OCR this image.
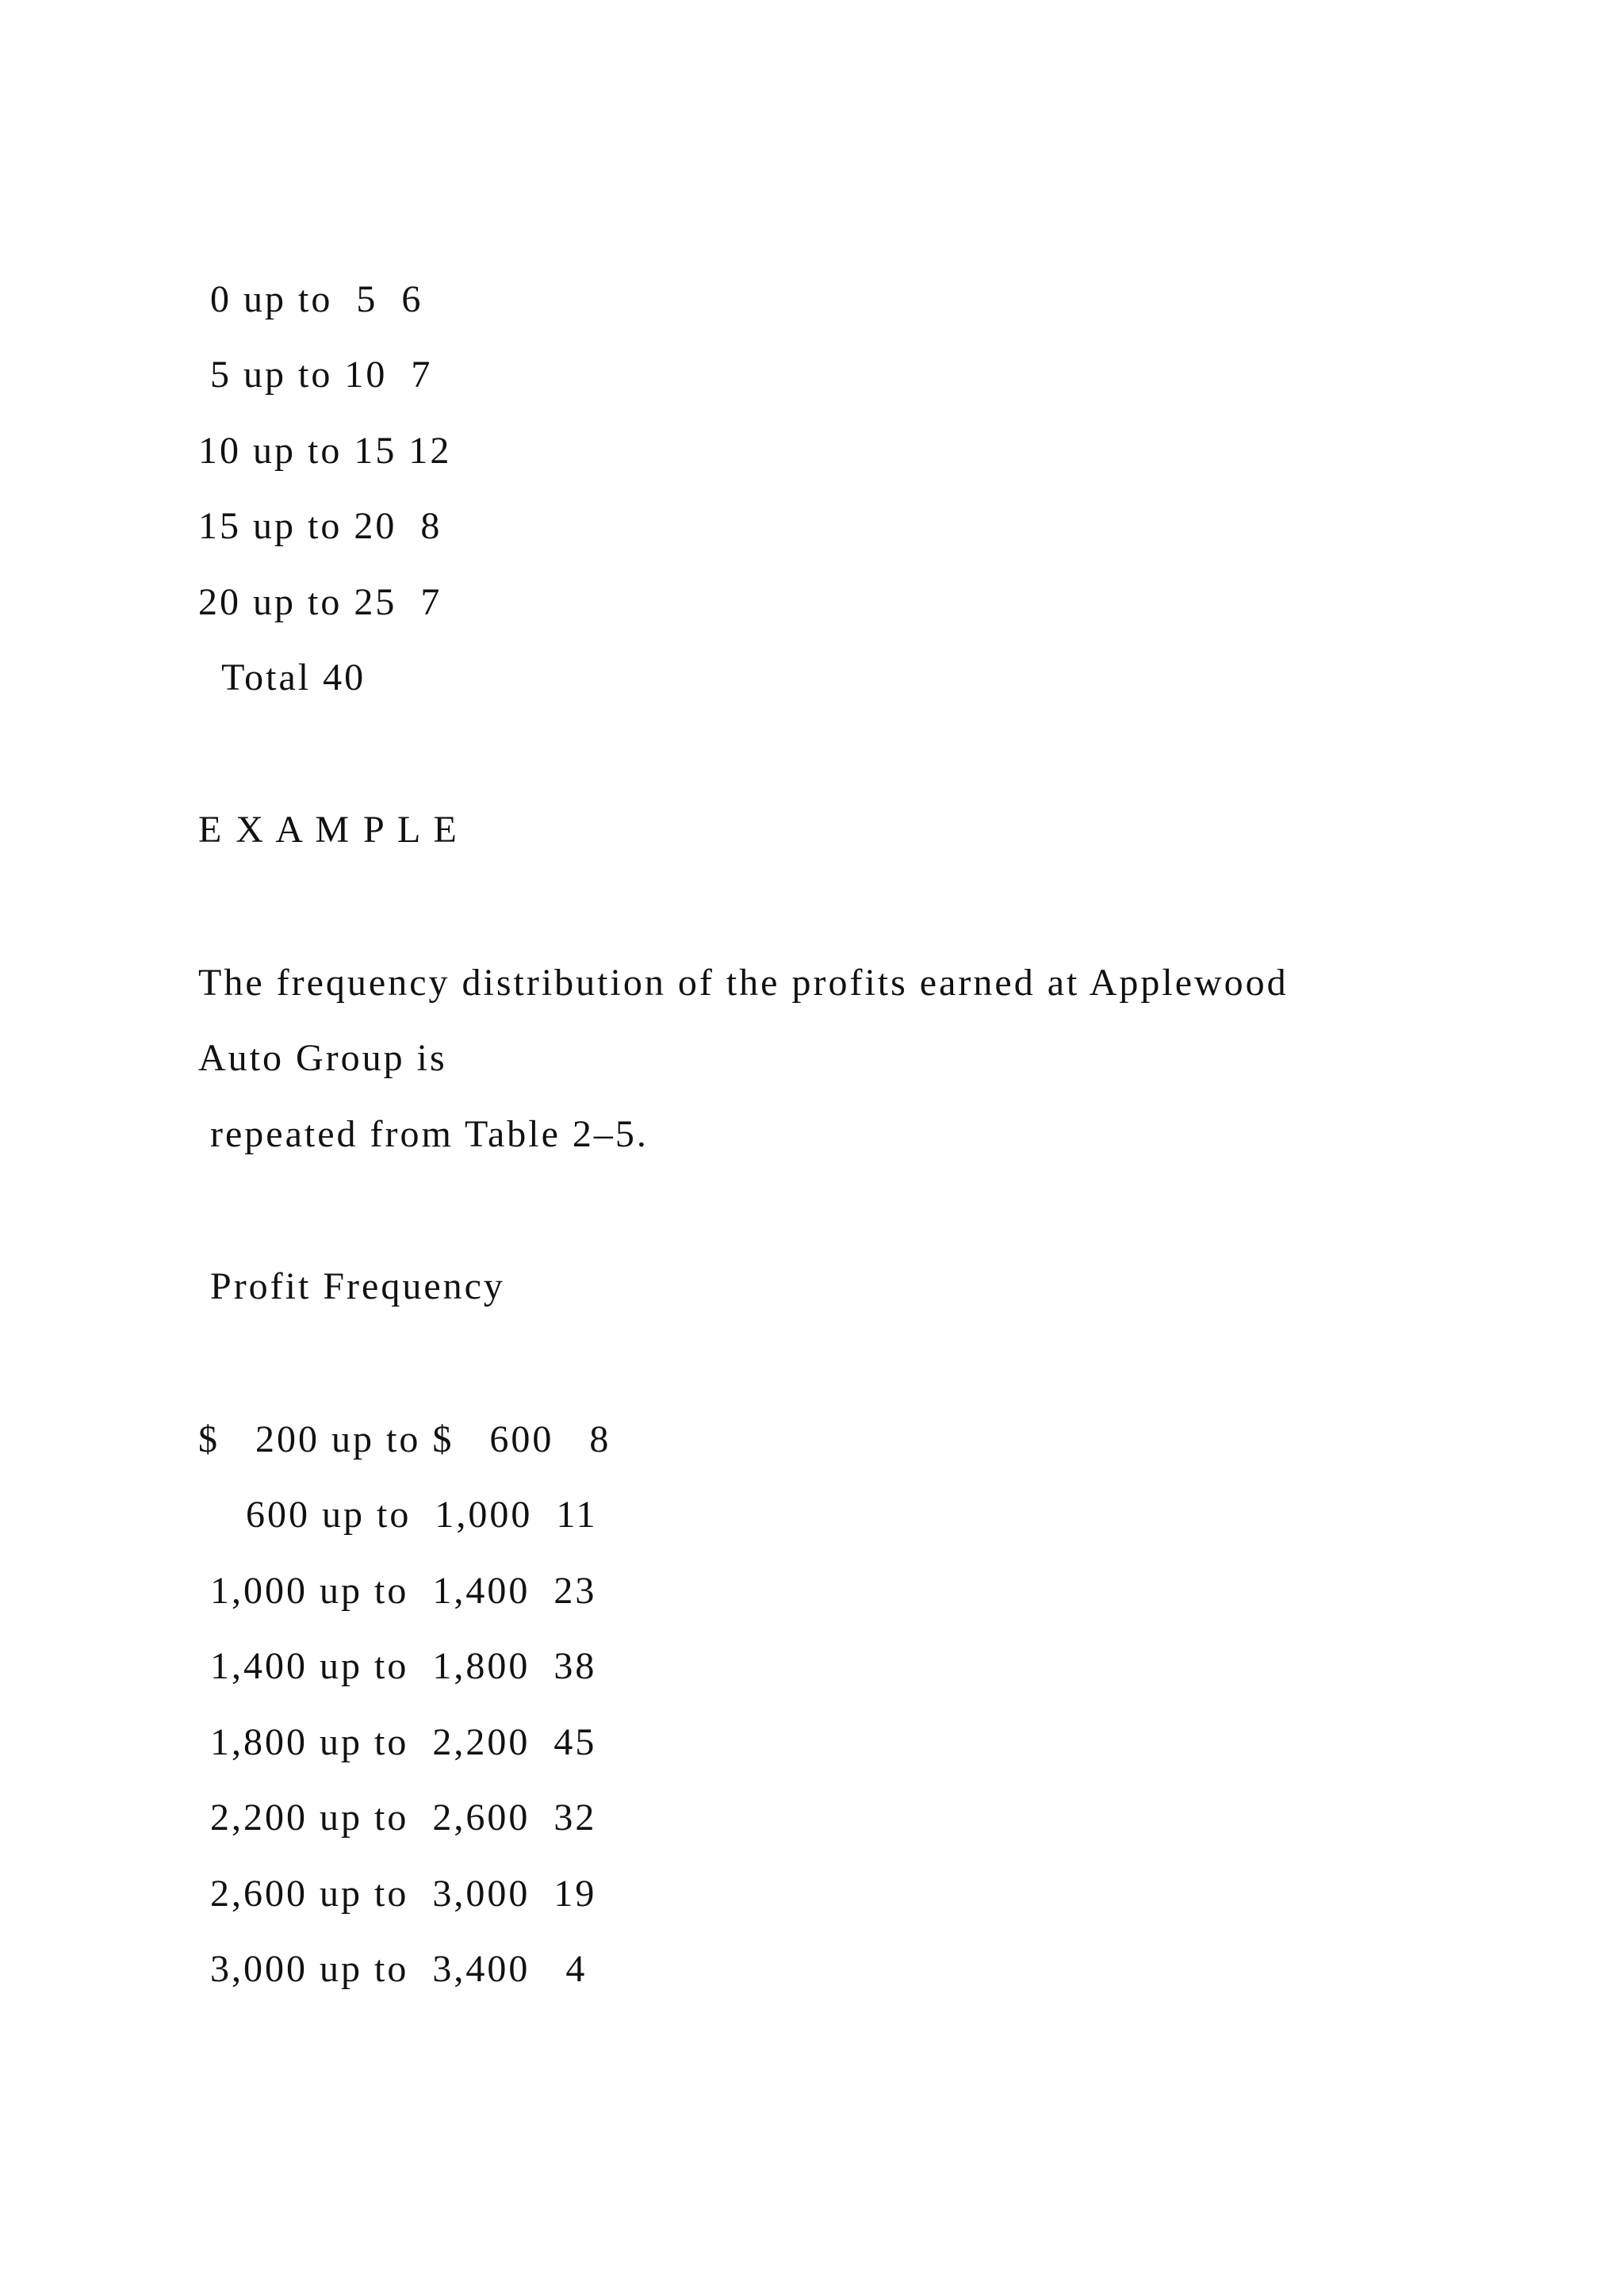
0 up to  5  6
5 up to 10  7
10 up to 15 12
15 up to 20  8
20 up to 25  7
Total 40
E X A M P L E
The frequency distribution of the profits earned at Applewood
Auto Group is
repeated from Table 2–5.
Profit Frequency
$   200 up to $   600   8
600 up to  1,000  11
1,000 up to  1,400  23
1,400 up to  1,800  38
1,800 up to  2,200  45
2,200 up to  2,600  32
2,600 up to  3,000  19
3,000 up to  3,400   4
